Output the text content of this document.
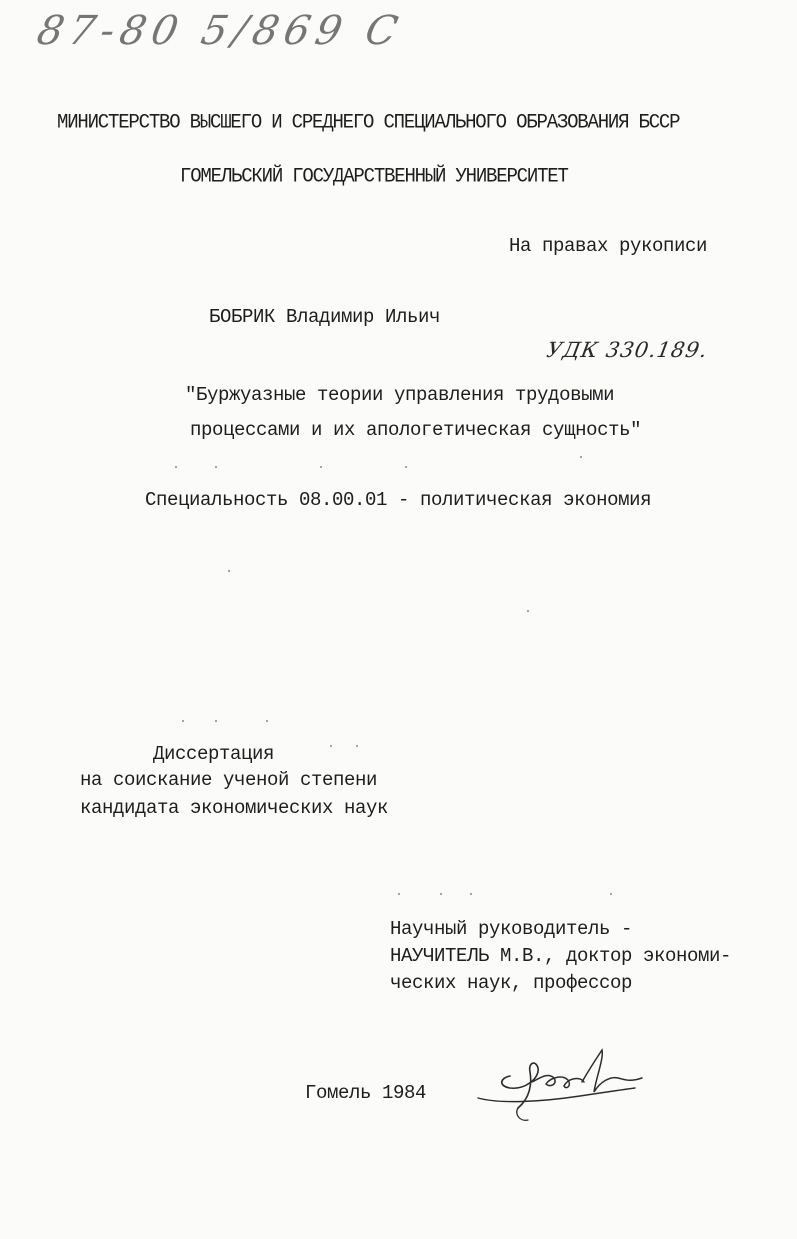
87-80 5/869 С
МИНИСТЕРСТВО ВЫСШЕГО И СРЕДНЕГО СПЕЦИАЛЬНОГО ОБРАЗОВАНИЯ БССР
ГОМЕЛЬСКИЙ ГОСУДАРСТВЕННЫЙ УНИВЕРСИТЕТ
На правах рукописи
БОБРИК Владимир Ильич
УДК 330.189.
"Буржуазные теории управления трудовыми
процессами и их апологетическая сущность"
Специальность 08.00.01 - политическая экономия
Диссертация
на соискание ученой степени
кандидата экономических наук
Научный руководитель -
НАУЧИТЕЛЬ М.В., доктор экономи-
ческих наук, профессор
Гомель 1984
